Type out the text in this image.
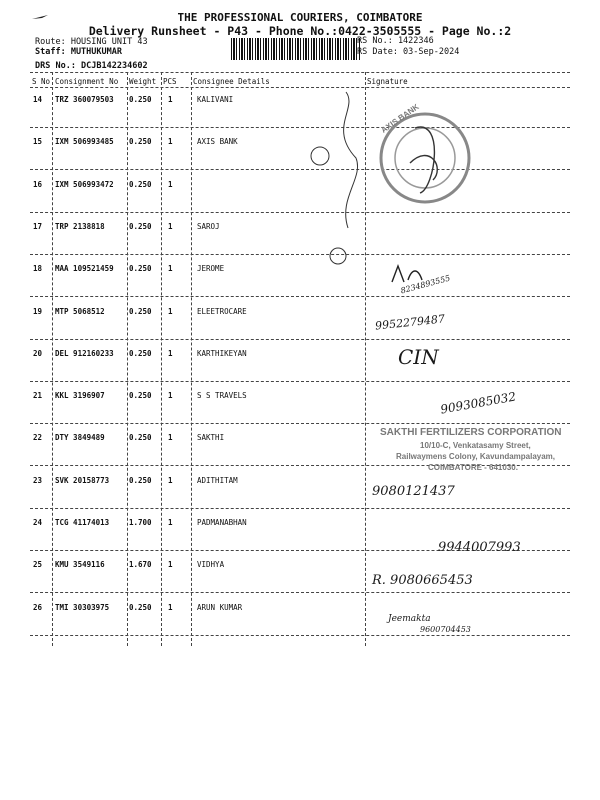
THE PROFESSIONAL COURIERS, COIMBATORE
Delivery Runsheet - P43 - Phone No.:0422-3505555 - Page No.:2
Route: HOUSING UNIT 43
Staff: MUTHUKUMAR
DRS No.: DCJB142234602
RS No.: 1422346
RS Date: 03-Sep-2024
S No Consignment No Weight PCS Consignee Details	Signature
14 TRZ 360079503 0.250 1	KALIVANI
15 IXM 506993485 0.250 1	AXIS BANK
16 IXM 506993472 0.250 1
17 TRP 2138818	0.250 1	SAROJ
18 MAA 109521459 0.250 1	JEROME
19 MTP 5068512	0.250 1	ELEETROCARE
20 DEL 912160233 0.250 1	KARTHIKEYAN
21 KKL 3196907	0.250 1	S S TRAVELS
22 DTY 3849489	0.250 1	SAKTHI
23 SVK 20158773	0.250 1	ADITHITAM
24 TCG 41174013	1.700 1	PADMANABHAN
25 KMU 3549116	1.670 1	VIDHYA
26 TMI 30303975	0.250 1	ARUN KUMAR
AXIS BANK
8234893555
9952279487
CIN
9093085032
SAKTHI FERTILIZERS CORPORATION
10/10-C, Venkatasamy Street,
Railwaymens Colony, Kavundampalayam,
COIMBATORE - 641030.
9080121437
9944007993
R. 9080665453
Jeemakta
9600704453
